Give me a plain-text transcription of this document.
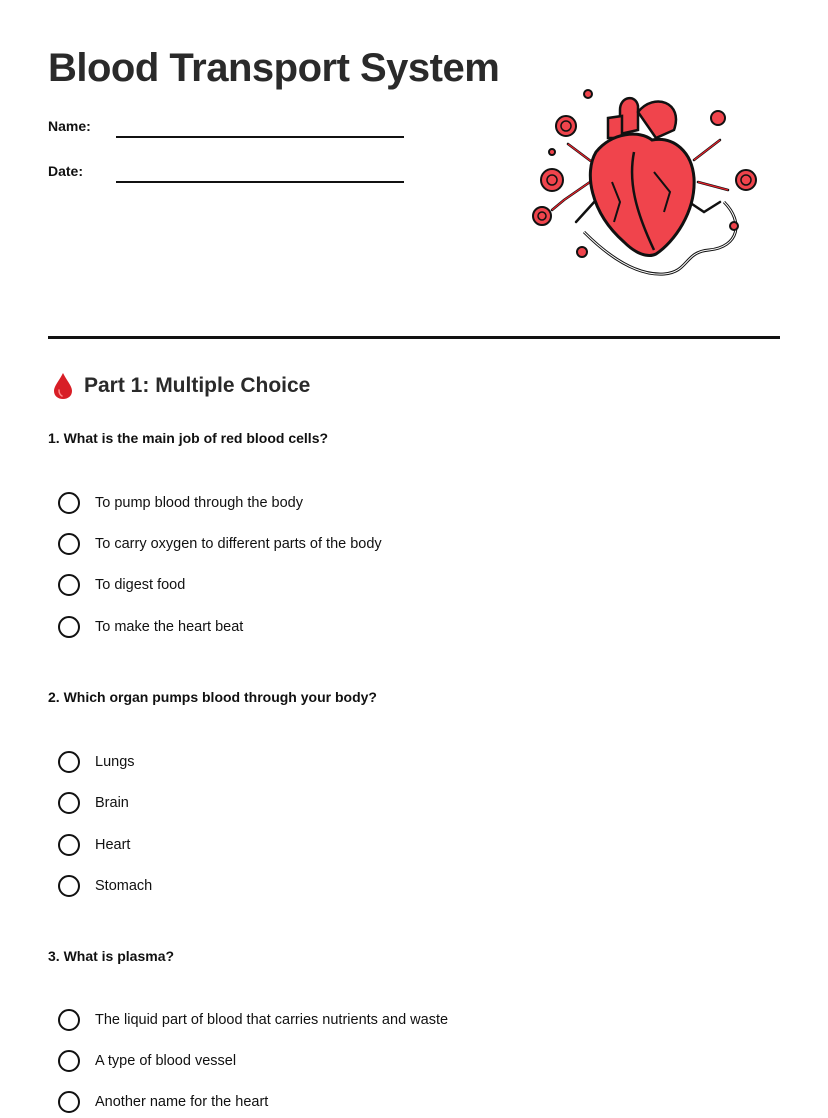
Blood Transport System
Name:
Date:
Part 1: Multiple Choice
1. What is the main job of red blood cells?
To pump blood through the body
To carry oxygen to different parts of the body
To digest food
To make the heart beat
2. Which organ pumps blood through your body?
Lungs
Brain
Heart
Stomach
3. What is plasma?
The liquid part of blood that carries nutrients and waste
A type of blood vessel
Another name for the heart
